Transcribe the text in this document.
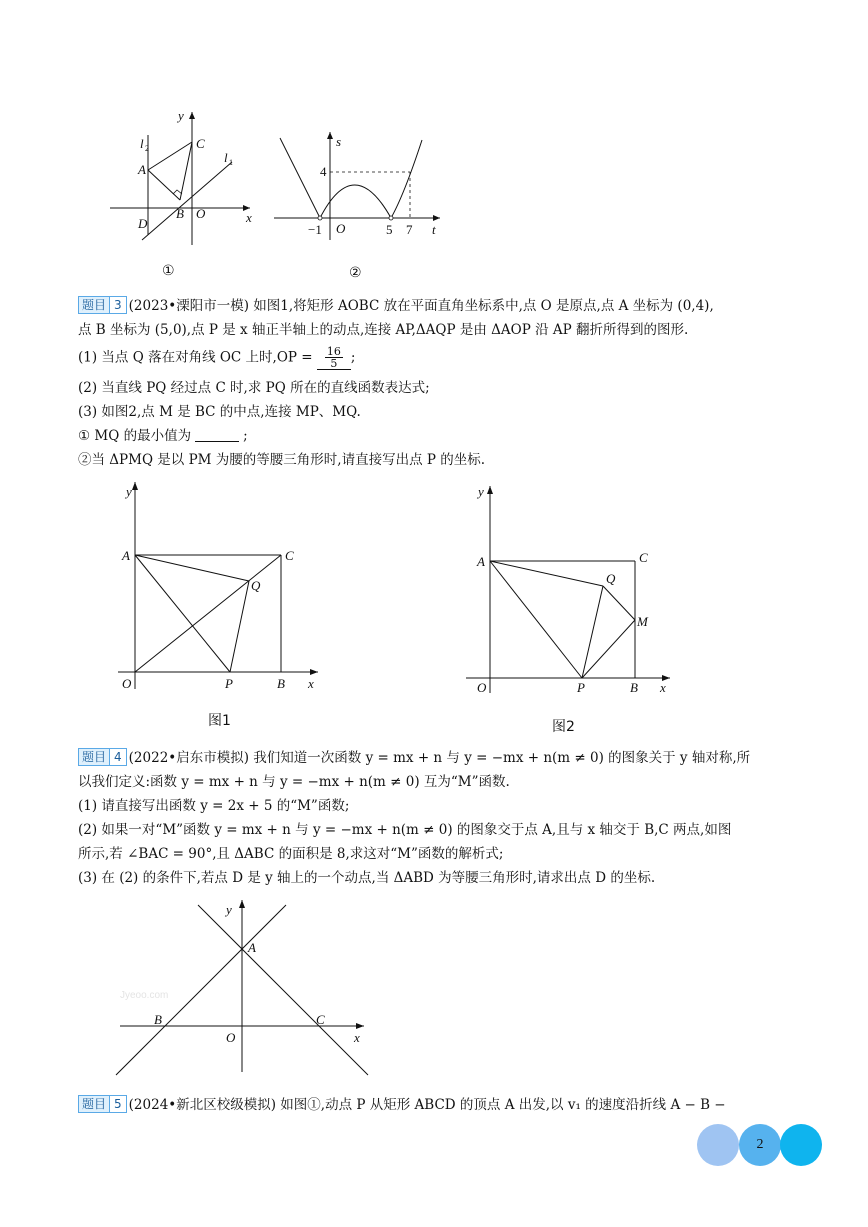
y
x
l 2
l 1
A
C
D
B O
①
s
t
O
4
−1	5 7
②
题目 3 (2023•溧阳市一模) 如图1,将矩形 AOBC 放在平面直角坐标系中,点 O 是原点,点 A 坐标为 (0,4),
点 B 坐标为 (5,0),点 P 是 x 轴正半轴上的动点,连接 AP,ΔAQP 是由 ΔAOP 沿 AP 翻折所得到的图形.
(1) 当点 Q 落在对角线 OC 上时$,OP = \frac{16}{5}$ ;
(2) 当直线 PQ 经过点 C 时,求 PQ 所在的直线函数表达式;
(3) 如图2,点 M 是 BC 的中点,连接 MP、MQ.
① MQ 的最小值为	;
②当 ΔPMQ 是以 PM 为腰的等腰三角形时,请直接写出点 P 的坐标.
y
x
A	C
Q
O	P	B
图1
y
x
A	C
Q
M
O	P	B
图2
题目 4 (2022•启东市模拟) 我们知道一次函数 y = mx + n 与 y = −mx + n(m ≠ 0) 的图象关于 y 轴对称,所
以我们定义:函数 y = mx + n 与 y = −mx + n(m ≠ 0) 互为“M”函数.
(1) 请直接写出函数 y = 2x + 5 的“M”函数;
(2) 如果一对“M”函数 y = mx + n 与 y = −mx + n(m ≠ 0) 的图象交于点 A,且与 x 轴交于 B,C 两点,如图
所示,若 ∠BAC = 90°,且 ΔABC 的面积是 8,求这对“M”函数的解析式;
(3) 在 (2) 的条件下,若点 D 是 y 轴上的一个动点,当 ΔABD 为等腰三角形时,请求出点 D 的坐标.
Jyeoo.com
y
x
A
B	C
O
题目 5 (2024•新北区校级模拟) 如图①,动点 P 从矩形 ABCD 的顶点 A 出发,以 v₁ 的速度沿折线 A − B −
2
